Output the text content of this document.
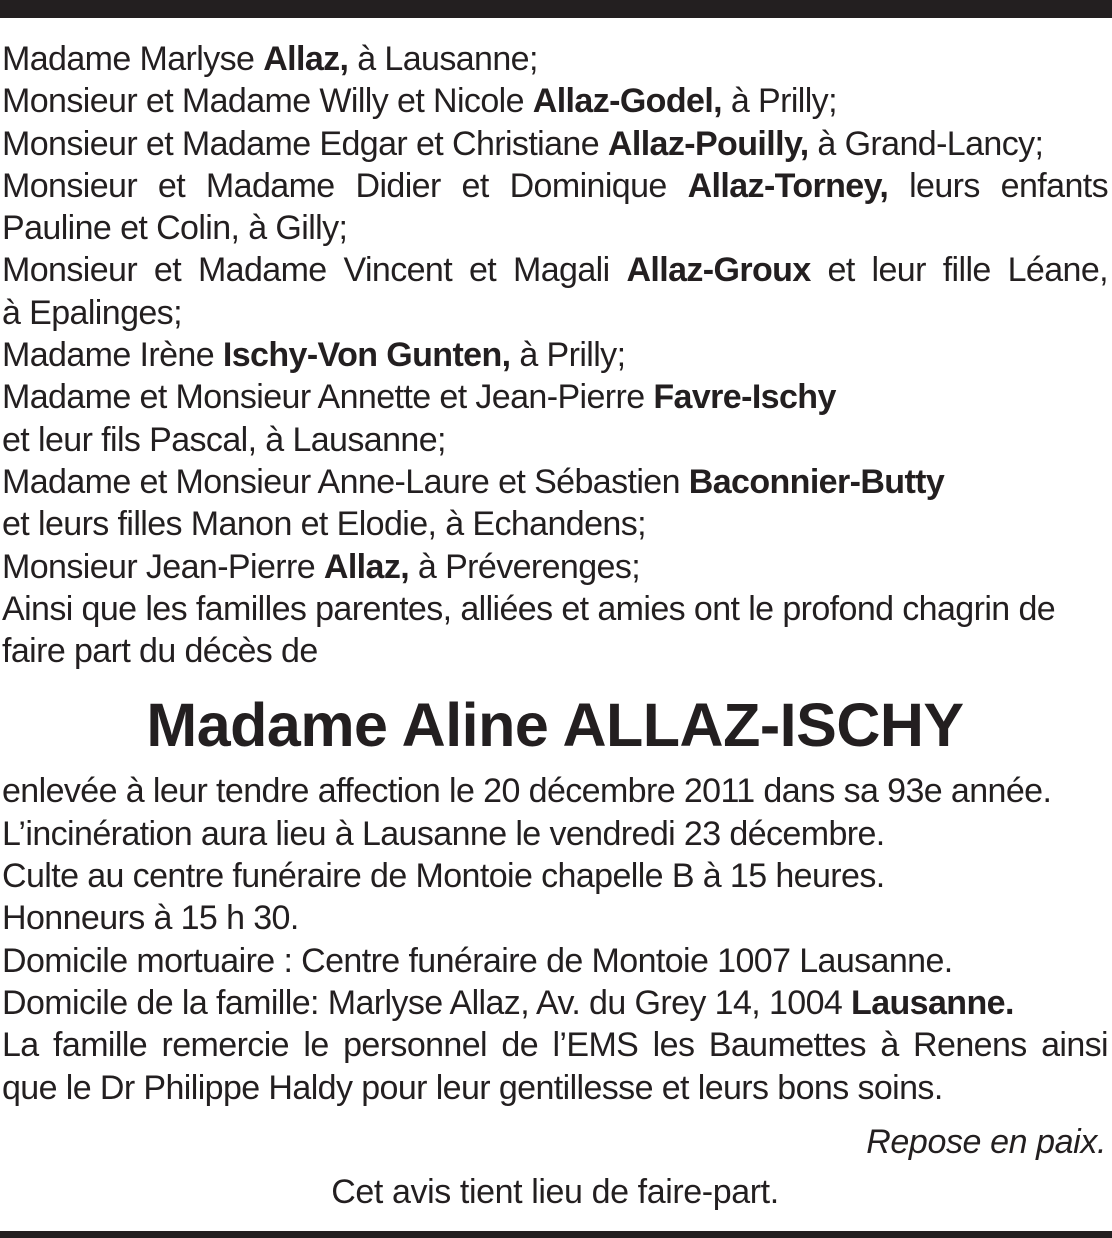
Madame Marlyse Allaz, à Lausanne;
Monsieur et Madame Willy et Nicole Allaz-Godel, à Prilly;
Monsieur et Madame Edgar et Christiane Allaz-Pouilly, à Grand-Lancy;
Monsieur et Madame Didier et Dominique Allaz-Torney, leurs enfants
Pauline et Colin, à Gilly;
Monsieur et Madame Vincent et Magali Allaz-Groux et leur fille Léane,
à Epalinges;
Madame Irène Ischy-Von Gunten, à Prilly;
Madame et Monsieur Annette et Jean-Pierre Favre-Ischy
et leur fils Pascal, à Lausanne;
Madame et Monsieur Anne-Laure et Sébastien Baconnier-Butty
et leurs filles Manon et Elodie, à Echandens;
Monsieur Jean-Pierre Allaz, à Préverenges;
Ainsi que les familles parentes, alliées et amies ont le profond chagrin de
faire part du décès de
Madame Aline ALLAZ-ISCHY
enlevée à leur tendre affection le 20 décembre 2011 dans sa 93e année.
L’incinération aura lieu à Lausanne le vendredi 23 décembre.
Culte au centre funéraire de Montoie chapelle B à 15 heures.
Honneurs à 15 h 30.
Domicile mortuaire : Centre funéraire de Montoie 1007 Lausanne.
Domicile de la famille: Marlyse Allaz, Av. du Grey 14, 1004 Lausanne.
La famille remercie le personnel de l’EMS les Baumettes à Renens ainsi
que le Dr Philippe Haldy pour leur gentillesse et leurs bons soins.
Repose en paix.
Cet avis tient lieu de faire-part.
